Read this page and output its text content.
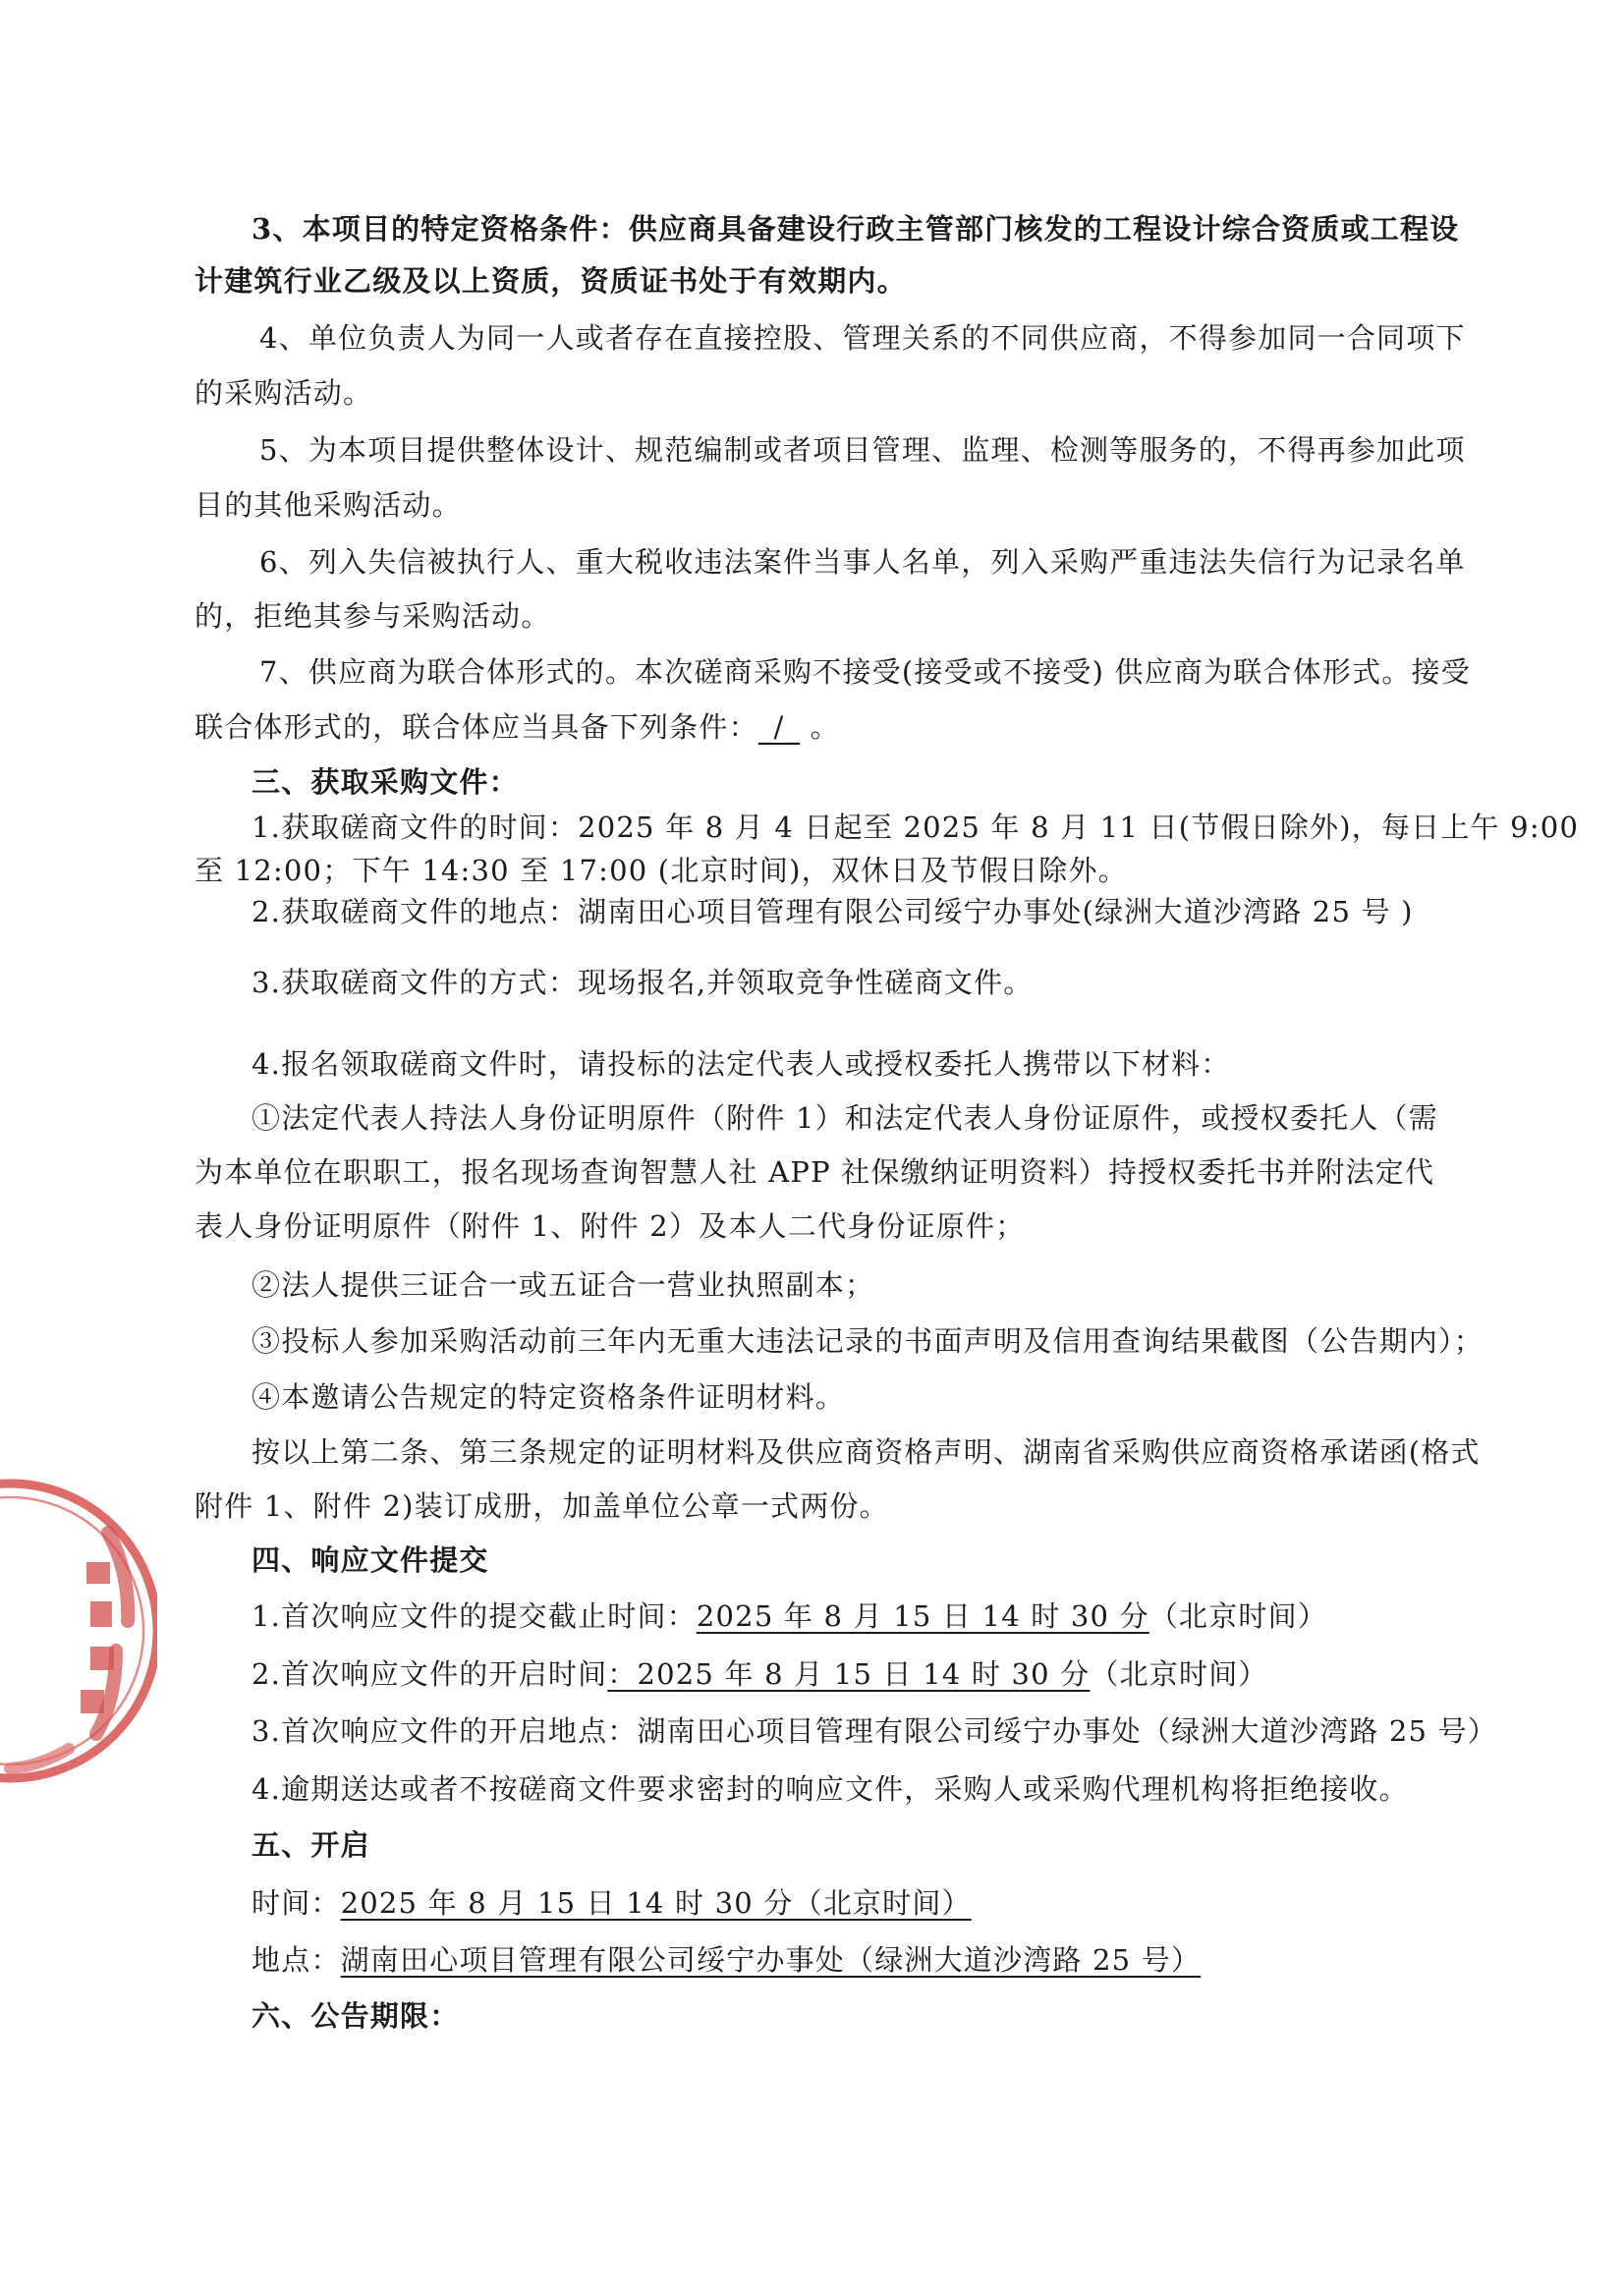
3、本项目的特定资格条件：供应商具备建设行政主管部门核发的工程设计综合资质或工程设
计建筑行业乙级及以上资质，资质证书处于有效期内。
4、单位负责人为同一人或者存在直接控股、管理关系的不同供应商，不得参加同一合同项下
的采购活动。
5、为本项目提供整体设计、规范编制或者项目管理、监理、检测等服务的，不得再参加此项
目的其他采购活动。
6、列入失信被执行人、重大税收违法案件当事人名单，列入采购严重违法失信行为记录名单
的，拒绝其参与采购活动。
7、供应商为联合体形式的。本次磋商采购不接受(接受或不接受) 供应商为联合体形式。接受
联合体形式的，联合体应当具备下列条件：_/_ 。
三、获取采购文件：
1.获取磋商文件的时间：2025 年 8 月 4 日起至 2025 年 8 月 11 日(节假日除外)，每日上午 9:00
至 12:00；下午 14:30 至 17:00 (北京时间)，双休日及节假日除外。
2.获取磋商文件的地点：湖南田心项目管理有限公司绥宁办事处(绿洲大道沙湾路 25 号 )
3.获取磋商文件的方式：现场报名,并领取竞争性磋商文件。
4.报名领取磋商文件时，请投标的法定代表人或授权委托人携带以下材料：
①法定代表人持法人身份证明原件（附件 1）和法定代表人身份证原件，或授权委托人（需
为本单位在职职工，报名现场查询智慧人社 APP 社保缴纳证明资料）持授权委托书并附法定代
表人身份证明原件（附件 1、附件 2）及本人二代身份证原件；
②法人提供三证合一或五证合一营业执照副本；
③投标人参加采购活动前三年内无重大违法记录的书面声明及信用查询结果截图（公告期内）；
④本邀请公告规定的特定资格条件证明材料。
按以上第二条、第三条规定的证明材料及供应商资格声明、湖南省采购供应商资格承诺函(格式
附件 1、附件 2)装订成册，加盖单位公章一式两份。
四、响应文件提交
1.首次响应文件的提交截止时间：2025 年 8 月 15 日 14 时 30 分（北京时间）
2.首次响应文件的开启时间：2025 年 8 月 15 日 14 时 30 分（北京时间）
3.首次响应文件的开启地点：湖南田心项目管理有限公司绥宁办事处（绿洲大道沙湾路 25 号）
4.逾期送达或者不按磋商文件要求密封的响应文件，采购人或采购代理机构将拒绝接收。
五、开启
时间：2025 年 8 月 15 日 14 时 30 分（北京时间）
地点：湖南田心项目管理有限公司绥宁办事处（绿洲大道沙湾路 25 号）
六、公告期限：
